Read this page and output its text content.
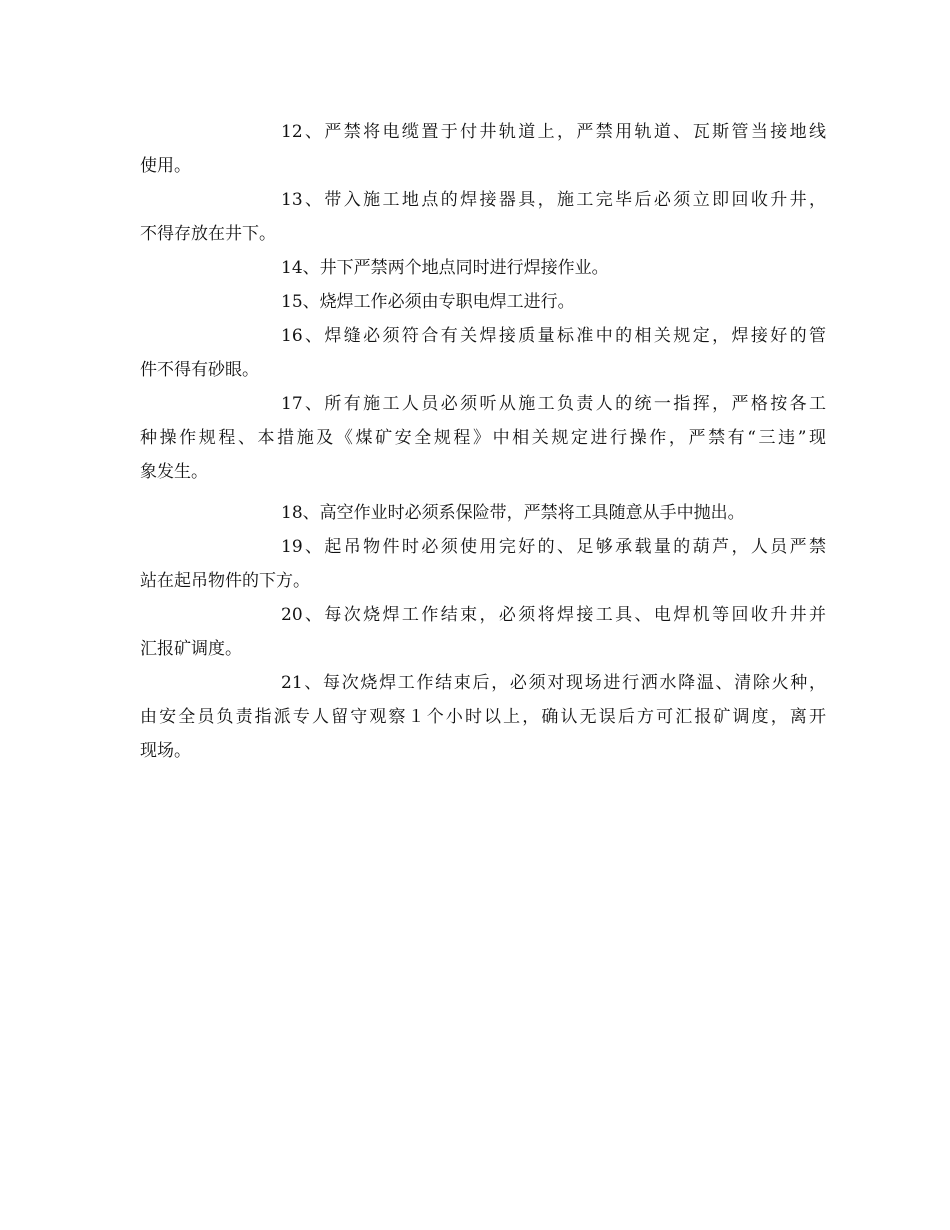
12、严禁将电缆置于付井轨道上，严禁用轨道、瓦斯管当接地线
使用。
13、带入施工地点的焊接器具，施工完毕后必须立即回收升井，
不得存放在井下。
14、井下严禁两个地点同时进行焊接作业。
15、烧焊工作必须由专职电焊工进行。
16、焊缝必须符合有关焊接质量标准中的相关规定，焊接好的管
件不得有砂眼。
17、所有施工人员必须听从施工负责人的统一指挥，严格按各工
种操作规程、本措施及《煤矿安全规程》中相关规定进行操作，严禁有“三违”现
象发生。
18、高空作业时必须系保险带，严禁将工具随意从手中抛出。
19、起吊物件时必须使用完好的、足够承载量的葫芦，人员严禁
站在起吊物件的下方。
20、每次烧焊工作结束，必须将焊接工具、电焊机等回收升井并
汇报矿调度。
21、每次烧焊工作结束后，必须对现场进行洒水降温、清除火种，
由安全员负责指派专人留守观察１个小时以上，确认无误后方可汇报矿调度，离开
现场。
